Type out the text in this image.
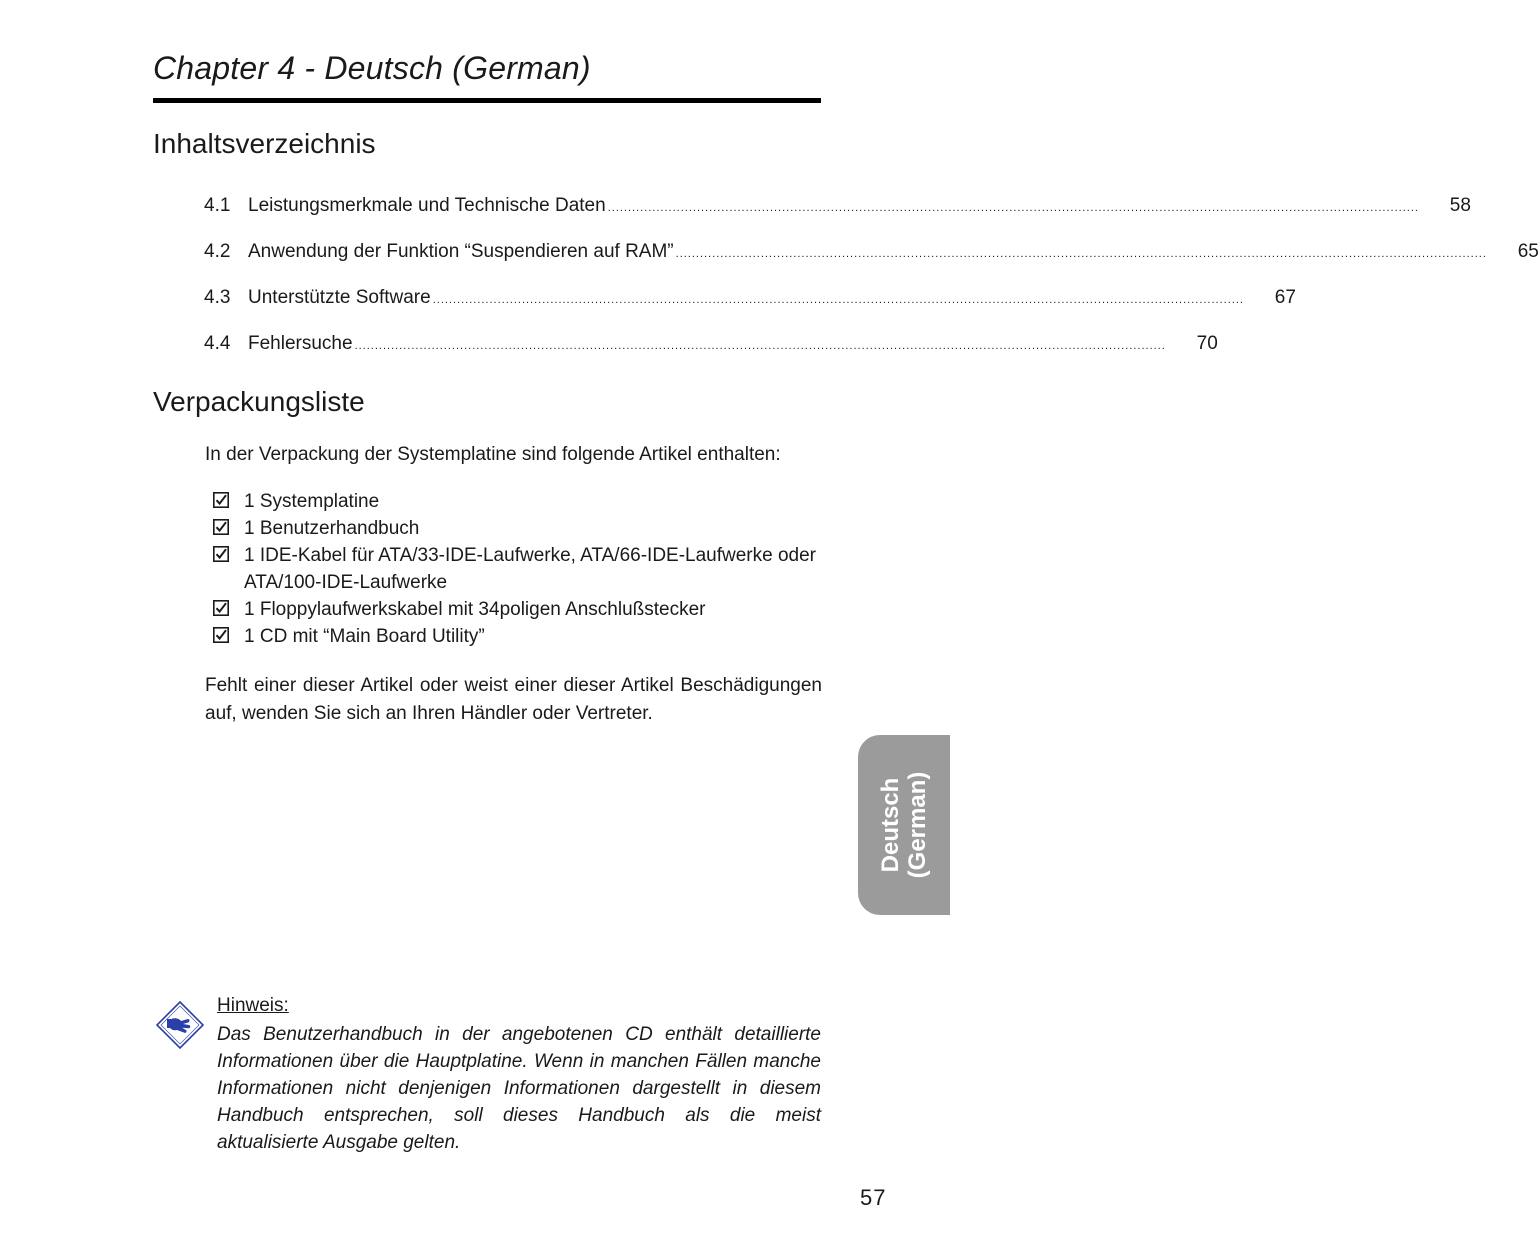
Chapter 4 - Deutsch (German)
Inhaltsverzeichnis
4.1 Leistungsmerkmale und Technische Daten ........................................................................................................................................................................................................ 58
4.2 Anwendung der Funktion “Suspendieren auf RAM” ........................................................................................................................................................................................................ 65
4.3 Unterstützte Software ........................................................................................................................................................................................................ 67
4.4 Fehlersuche ........................................................................................................................................................................................................ 70
Verpackungsliste
In der Verpackung der Systemplatine sind folgende Artikel enthalten:
1 Systemplatine
1 Benutzerhandbuch
1 IDE-Kabel für ATA/33-IDE-Laufwerke, ATA/66-IDE-Laufwerke oder ATA/100-IDE-Laufwerke
1 Floppylaufwerkskabel mit 34poligen Anschlußstecker
1 CD mit “Main Board Utility”

Fehlt einer dieser Artikel oder weist einer dieser Artikel Beschädigungen auf, wenden Sie sich an Ihren Händler oder Vertreter.

Deutsch (German)
Hinweis:

Das Benutzerhandbuch in der angebotenen CD enthält detaillierte Informationen über die Hauptplatine. Wenn in manchen Fällen manche Informationen nicht denjenigen Informationen dargestellt in diesem Handbuch entsprechen, soll dieses Handbuch als die meist aktualisierte Ausgabe gelten.

57
